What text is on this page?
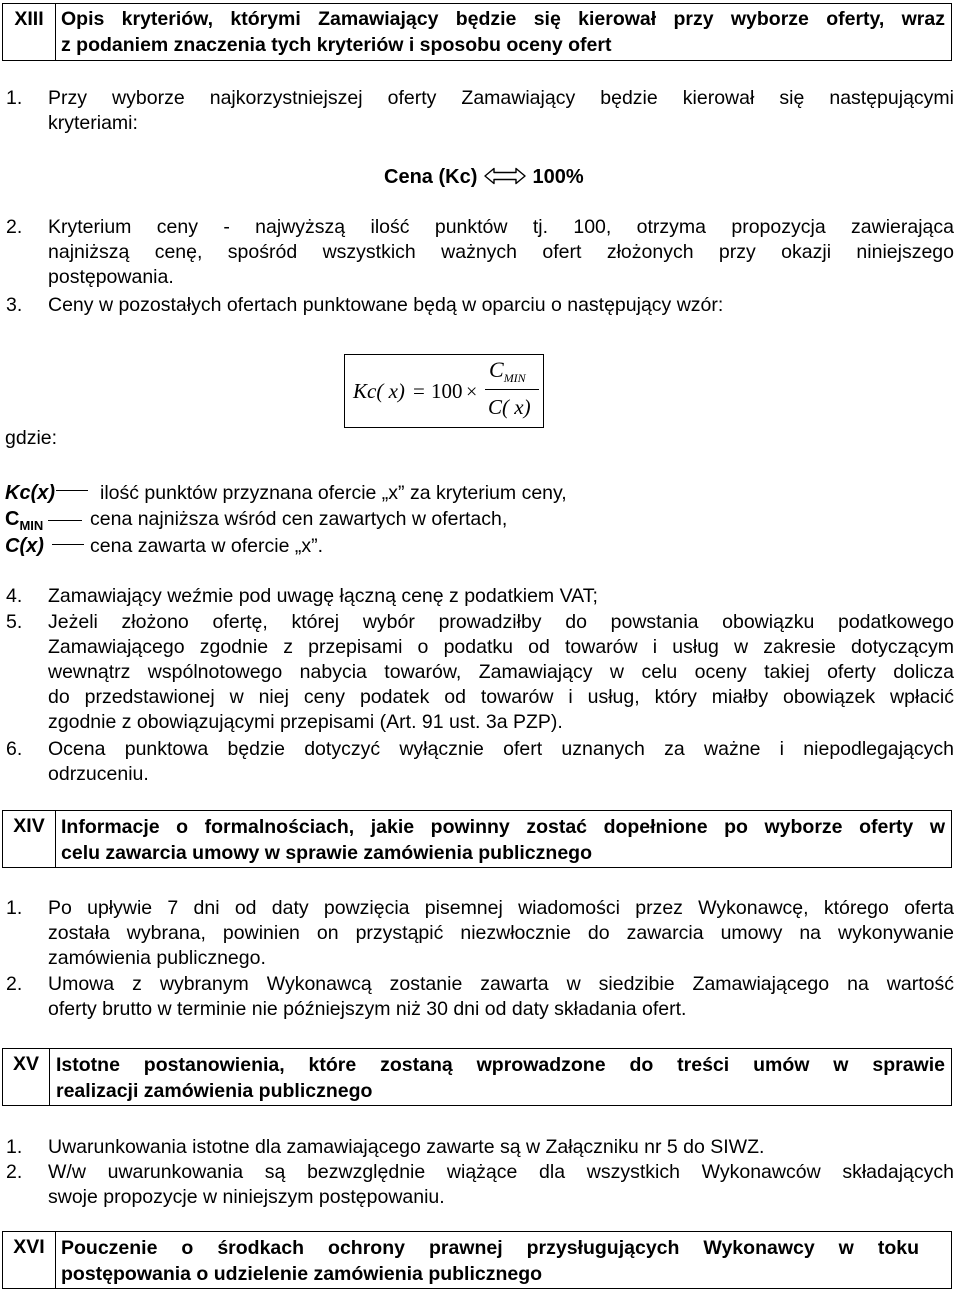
XIII Opis kryteriów, którymi Zamawiający będzie się kierował przy wyborze oferty, wraz
z podaniem znaczenia tych kryteriów i sposobu oceny ofert
1. Przy wyborze najkorzystniejszej oferty Zamawiający będzie kierował się następującymi
kryteriami:
Cena (Kc)	100%
2. Kryterium ceny - najwyższą ilość punktów tj. 100, otrzyma propozycja zawierająca
najniższą cenę, spośród wszystkich ważnych ofert złożonych przy okazji niniejszego
postępowania.
3. Ceny w pozostałych ofertach punktowane będą w oparciu o następujący wzór:
Kc( x) = 100 ×
$C_{MIN}$
C( x)
gdzie:
Kc(x) ilość punktów przyznana ofercie „x” za kryterium ceny,
$C_{MIN}$ cena najniższa wśród cen zawartych w ofertach,
C(x) cena zawarta w ofercie „x”.
4. Zamawiający weźmie pod uwagę łączną cenę z podatkiem VAT;
5. Jeżeli złożono ofertę, której wybór prowadziłby do powstania obowiązku podatkowego
Zamawiającego zgodnie z przepisami o podatku od towarów i usług w zakresie dotyczącym
wewnątrz wspólnotowego nabycia towarów, Zamawiający w celu oceny takiej oferty dolicza
do przedstawionej w niej ceny podatek od towarów i usług, który miałby obowiązek wpłacić
zgodnie z obowiązującymi przepisami (Art. 91 ust. 3a PZP).
6. Ocena punktowa będzie dotyczyć wyłącznie ofert uznanych za ważne i niepodlegających
odrzuceniu.
XIV Informacje o formalnościach, jakie powinny zostać dopełnione po wyborze oferty w
celu zawarcia umowy w sprawie zamówienia publicznego
1. Po upływie 7 dni od daty powzięcia pisemnej wiadomości przez Wykonawcę, którego oferta
została wybrana, powinien on przystąpić niezwłocznie do zawarcia umowy na wykonywanie
zamówienia publicznego.
2. Umowa z wybranym Wykonawcą zostanie zawarta w siedzibie Zamawiającego na wartość
oferty brutto w terminie nie późniejszym niż 30 dni od daty składania ofert.
XV Istotne postanowienia, które zostaną wprowadzone do treści umów w sprawie
realizacji zamówienia publicznego
1. Uwarunkowania istotne dla zamawiającego zawarte są w Załączniku nr 5 do SIWZ.
2. W/w uwarunkowania są bezwzględnie wiążące dla wszystkich Wykonawców składających
swoje propozycje w niniejszym postępowaniu.
XVI Pouczenie o środkach ochrony prawnej przysługujących Wykonawcy w toku
postępowania o udzielenie zamówienia publicznego
